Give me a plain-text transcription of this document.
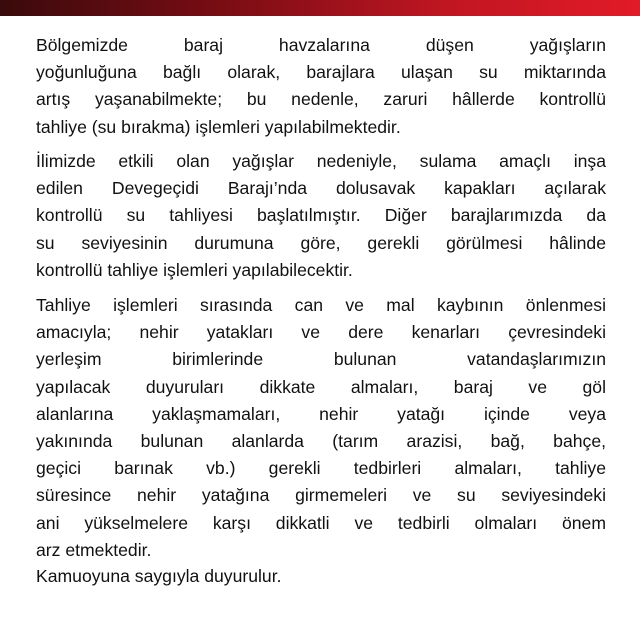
Bölgemizde baraj havzalarına düşen yağışların
yoğunluğuna bağlı olarak, barajlara ulaşan su miktarında
artış yaşanabilmekte; bu nedenle, zaruri hâllerde kontrollü
tahliye (su bırakma) işlemleri yapılabilmektedir.
İlimizde etkili olan yağışlar nedeniyle, sulama amaçlı inşa
edilen Devegeçidi Barajı’nda dolusavak kapakları açılarak
kontrollü su tahliyesi başlatılmıştır. Diğer barajlarımızda da
su seviyesinin durumuna göre, gerekli görülmesi hâlinde
kontrollü tahliye işlemleri yapılabilecektir.
Tahliye işlemleri sırasında can ve mal kaybının önlenmesi
amacıyla; nehir yatakları ve dere kenarları çevresindeki
yerleşim birimlerinde bulunan vatandaşlarımızın
yapılacak duyuruları dikkate almaları, baraj ve göl
alanlarına yaklaşmamaları, nehir yatağı içinde veya
yakınında bulunan alanlarda (tarım arazisi, bağ, bahçe,
geçici barınak vb.) gerekli tedbirleri almaları, tahliye
süresince nehir yatağına girmemeleri ve su seviyesindeki
ani yükselmelere karşı dikkatli ve tedbirli olmaları önem
arz etmektedir.
Kamuoyuna saygıyla duyurulur.
